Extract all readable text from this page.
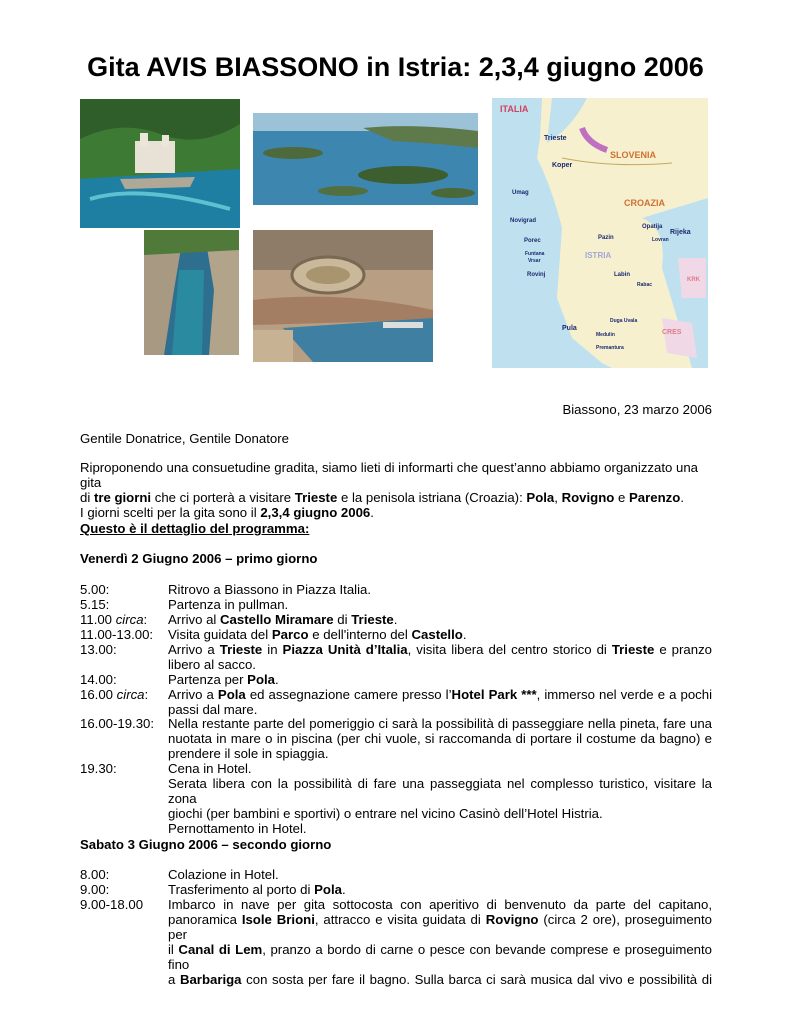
Gita AVIS BIASSONO in Istria: 2,3,4 giugno 2006
ITALIA
Trieste
SLOVENIA
Koper
Umag
CROAZIA
Novigrad
Opatija
Rijeka
Lovran
Porec	Pazin
Funtana
Vrsar
ISTRIA
Rovinj	Labin
Rabac
KRK
Pula
Duga Uvala
CRES
Medulin
Premantura
Biassono, 23 marzo 2006
Gentile Donatrice, Gentile Donatore
Riproponendo una consuetudine gradita, siamo lieti di informarti che quest’anno abbiamo organizzato una gita
di tre giorni che ci porterà a visitare Trieste e la penisola istriana (Croazia): Pola, Rovigno e Parenzo.
I giorni scelti per la gita sono il 2,3,4 giugno 2006.
Questo è il dettaglio del programma:
Venerdì 2 Giugno 2006 – primo giorno
5.00:	Ritrovo a Biassono in Piazza Italia.
5.15:	Partenza in pullman.
11.00 circa:	Arrivo al Castello Miramare di Trieste.
11.00-13.00:	Visita guidata del Parco e dell'interno del Castello.
13.00:	Arrivo a Trieste in Piazza Unità d’Italia, visita libera del centro storico di Trieste e pranzo
libero al sacco.
14.00:	Partenza per Pola.
16.00 circa:	Arrivo a Pola ed assegnazione camere presso l’Hotel Park ***, immerso nel verde e a pochi
passi dal mare.
16.00-19.30:	Nella restante parte del pomeriggio ci sarà la possibilità di passeggiare nella pineta, fare una
nuotata in mare o in piscina (per chi vuole, si raccomanda di portare il costume da bagno) e
prendere il sole in spiaggia.
19.30:	Cena in Hotel.
Serata libera con la possibilità di fare una passeggiata nel complesso turistico, visitare la zona
giochi (per bambini e sportivi) o entrare nel vicino Casinò dell’Hotel Histria.
Pernottamento in Hotel.
Sabato 3 Giugno 2006 – secondo giorno
8.00:	Colazione in Hotel.
9.00:	Trasferimento al porto di Pola.
9.00-18.00	Imbarco in nave per gita sottocosta con aperitivo di benvenuto da parte del capitano,
panoramica Isole Brioni, attracco e visita guidata di Rovigno (circa 2 ore), proseguimento per
il Canal di Lem, pranzo a bordo di carne o pesce con bevande comprese e proseguimento fino
a Barbariga con sosta per fare il bagno. Sulla barca ci sarà musica dal vivo e possibilità di
